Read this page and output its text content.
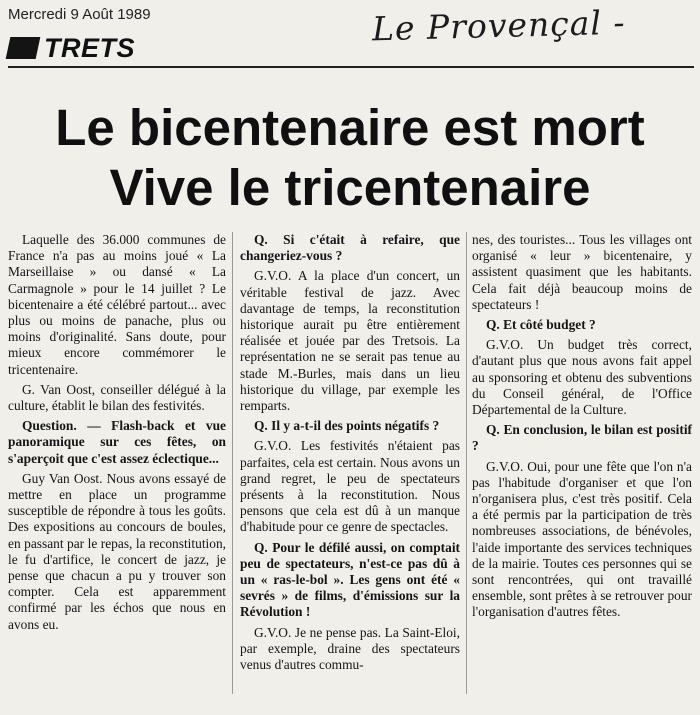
Mercredi 9 Août 1989	Le Provençal -
TRETS
Le bicentenaire est mort
Vive le tricentenaire

Laquelle des 36.000 communes de France n'a pas au moins joué « La Marseillaise » ou dansé « La Carmagnole » pour le 14 juillet ? Le bicentenaire a été célébré partout... avec plus ou moins de panache, plus ou moins d'originalité. Sans doute, pour mieux encore commémorer le tricentenaire.

G. Van Oost, conseiller délégué à la culture, établit le bilan des festivités.

Question. — Flash-back et vue panoramique sur ces fêtes, on s'aperçoit que c'est assez éclectique...

Guy Van Oost. Nous avons essayé de mettre en place un programme susceptible de répondre à tous les goûts. Des expositions au concours de boules, en passant par le repas, la reconstitution, le fu d'artifice, le concert de jazz, je pense que chacun a pu y trouver son compter. Cela est apparemment confirmé par les échos que nous en avons eu.

Q. Si c'était à refaire, que changeriez-vous ?

G.V.O. A la place d'un concert, un véritable festival de jazz. Avec davantage de temps, la reconstitution historique aurait pu être entièrement réalisée et jouée par des Tretsois. La représentation ne se serait pas tenue au stade M.-Burles, mais dans un lieu historique du village, par exemple les remparts.

Q. Il y a-t-il des points négatifs ?

G.V.O. Les festivités n'étaient pas parfaites, cela est certain. Nous avons un grand regret, le peu de spectateurs présents à la reconstitution. Nous pensons que cela est dû à un manque d'habitude pour ce genre de spectacles.

Q. Pour le défilé aussi, on comptait peu de spectateurs, n'est-ce pas dû à un « ras-le-bol ». Les gens ont été « sevrés » de films, d'émissions sur la Révolution !

G.V.O. Je ne pense pas. La Saint-Eloi, par exemple, draine des spectateurs venus d'autres commu-

nes, des touristes... Tous les villages ont organisé « leur » bicentenaire, y assistent quasiment que les habitants. Cela fait déjà beaucoup moins de spectateurs !

Q. Et côté budget ?

G.V.O. Un budget très correct, d'autant plus que nous avons fait appel au sponsoring et obtenu des subventions du Conseil général, de l'Office Départemental de la Culture.

Q. En conclusion, le bilan est positif ?

G.V.O. Oui, pour une fête que l'on n'a pas l'habitude d'organiser et que l'on n'organisera plus, c'est très positif. Cela a été permis par la participation de très nombreuses associations, de bénévoles, l'aide importante des services techniques de la mairie. Toutes ces personnes qui se sont rencontrées, qui ont travaillé ensemble, sont prêtes à se retrouver pour l'organisation d'autres fêtes.
